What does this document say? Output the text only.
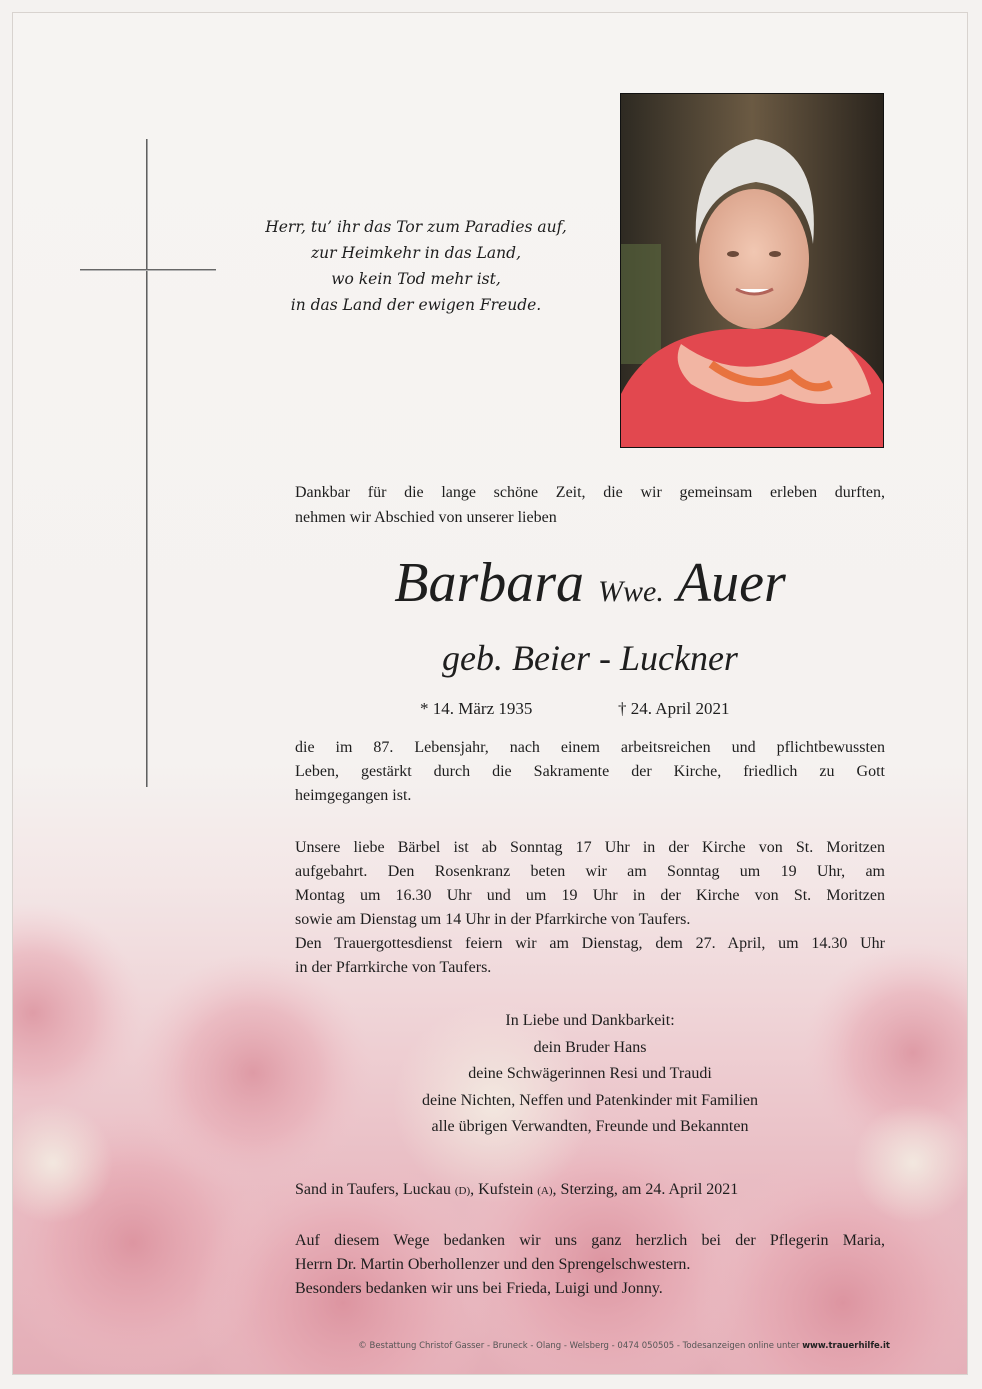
Herr, tu’ ihr das Tor zum Paradies auf,
zur Heimkehr in das Land,
wo kein Tod mehr ist,
in das Land der ewigen Freude.
Dankbar für die lange schöne Zeit, die wir gemeinsam erleben durften,
nehmen wir Abschied von unserer lieben
Barbara Wwe. Auer
geb. Beier - Luckner
* 14. März 1935	† 24. April 2021
die im 87. Lebensjahr, nach einem arbeitsreichen und pflichtbewussten
Leben, gestärkt durch die Sakramente der Kirche, friedlich zu Gott
heimgegangen ist.
Unsere liebe Bärbel ist ab Sonntag 17 Uhr in der Kirche von St. Moritzen
aufgebahrt. Den Rosenkranz beten wir am Sonntag um 19 Uhr, am
Montag um 16.30 Uhr und um 19 Uhr in der Kirche von St. Moritzen
sowie am Dienstag um 14 Uhr in der Pfarrkirche von Taufers.
Den Trauergottesdienst feiern wir am Dienstag, dem 27. April, um 14.30 Uhr
in der Pfarrkirche von Taufers.
In Liebe und Dankbarkeit:
dein Bruder Hans
deine Schwägerinnen Resi und Traudi
deine Nichten, Neffen und Patenkinder mit Familien
alle übrigen Verwandten, Freunde und Bekannten
Sand in Taufers, Luckau (D), Kufstein (A), Sterzing, am 24. April 2021
Auf diesem Wege bedanken wir uns ganz herzlich bei der Pflegerin Maria,
Herrn Dr. Martin Oberhollenzer und den Sprengelschwestern.
Besonders bedanken wir uns bei Frieda, Luigi und Jonny.
© Bestattung Christof Gasser - Bruneck - Olang - Welsberg - 0474 050505 - Todesanzeigen online unter www.trauerhilfe.it
